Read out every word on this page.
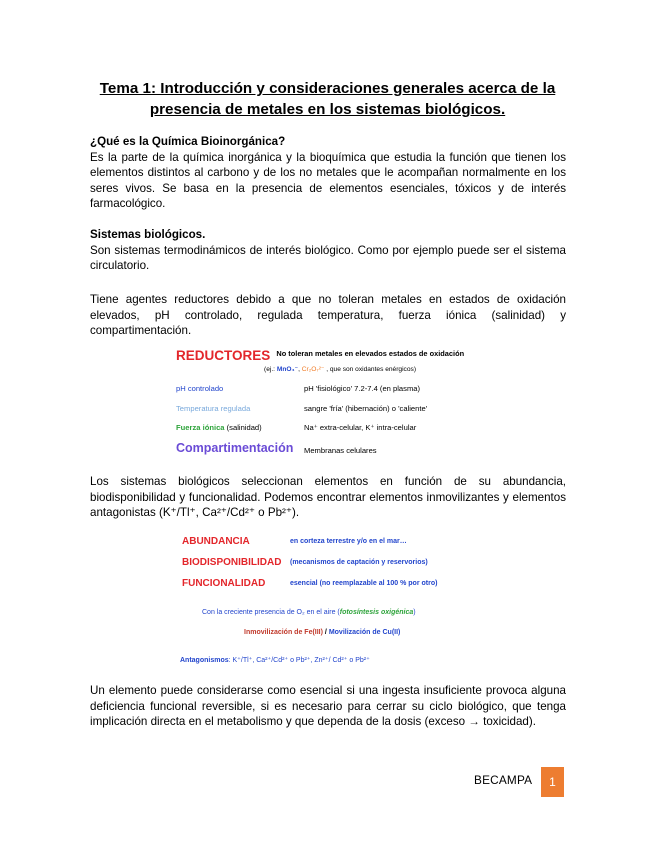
Tema 1: Introducción y consideraciones generales acerca de la
presencia de metales en los sistemas biológicos.

¿Qué es la Química Bioinorgánica?

Es la parte de la química inorgánica y la bioquímica que estudia la función que tienen los elementos distintos al carbono y de los no metales que le acompañan normalmente en los seres vivos. Se basa en la presencia de elementos esenciales, tóxicos y de interés farmacológico.

Sistemas biológicos.

Son sistemas termodinámicos de interés biológico. Como por ejemplo puede ser el sistema circulatorio.

Tiene agentes reductores debido a que no toleran metales en estados de oxidación elevados, pH controlado, regulada temperatura, fuerza iónica (salinidad) y compartimentación.

REDUCTORES No toleran metales en elevados estados de oxidación
(ej.: MnO₄⁻, Cr₂O₇²⁻ , que son oxidantes enérgicos)
pH controlado	pH 'fisiológico' 7.2-7.4 (en plasma)
Temperatura regulada	sangre 'fría' (hibernación) o 'caliente'
Fuerza iónica (salinidad)	Na⁺ extra-celular, K⁺ intra-celular
Compartimentación Membranas celulares

Los sistemas biológicos seleccionan elementos en función de su abundancia, biodisponibilidad y funcionalidad. Podemos encontrar elementos inmovilizantes y elementos antagonistas (K⁺/Tl⁺, Ca²⁺/Cd²⁺ o Pb²⁺).

ABUNDANCIA	en corteza terrestre y/o en el mar…
BIODISPONIBILIDAD (mecanismos de captación y reservorios)
FUNCIONALIDAD	esencial (no reemplazable al 100 % por otro)
Con la creciente presencia de O₂ en el aire (fotosíntesis oxigénica)
Inmovilización de Fe(III) / Movilización de Cu(II)
Antagonismos: K⁺/Tl⁺, Ca²⁺/Cd²⁺ o Pb²⁺, Zn²⁺/ Cd²⁺ o Pb²⁺

Un elemento puede considerarse como esencial si una ingesta insuficiente provoca alguna deficiencia funcional reversible, si es necesario para cerrar su ciclo biológico, que tenga implicación directa en el metabolismo y que dependa de la dosis (exceso → toxicidad).

BECAMPA	1
